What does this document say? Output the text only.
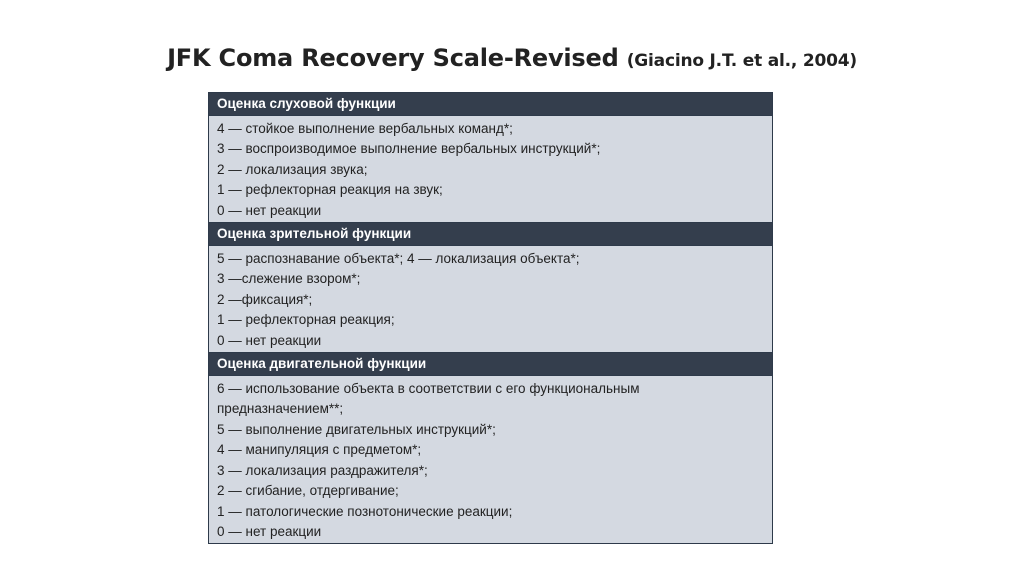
JFK Coma Recovery Scale-Revised (Giacino J.T. et al., 2004)
Оценка слуховой функции
4 — стойкое выполнение вербальных команд*;
3 — воспроизводимое выполнение вербальных инструкций*;
2 — локализация звука;
1 — рефлекторная реакция на звук;
0 — нет реакции
Оценка зрительной функции
5 — распознавание объекта*; 4 — локализация объекта*;
3 —слежение взором*;
2 —фиксация*;
1 — рефлекторная реакция;
0 — нет реакции
Оценка двигательной функции
6 — использование объекта в соответствии с его функциональным
предназначением**;
5 — выполнение двигательных инструкций*;
4 — манипуляция с предметом*;
3 — локализация раздражителя*;
2 — сгибание, отдергивание;
1 — патологические познотонические реакции;
0 — нет реакции
